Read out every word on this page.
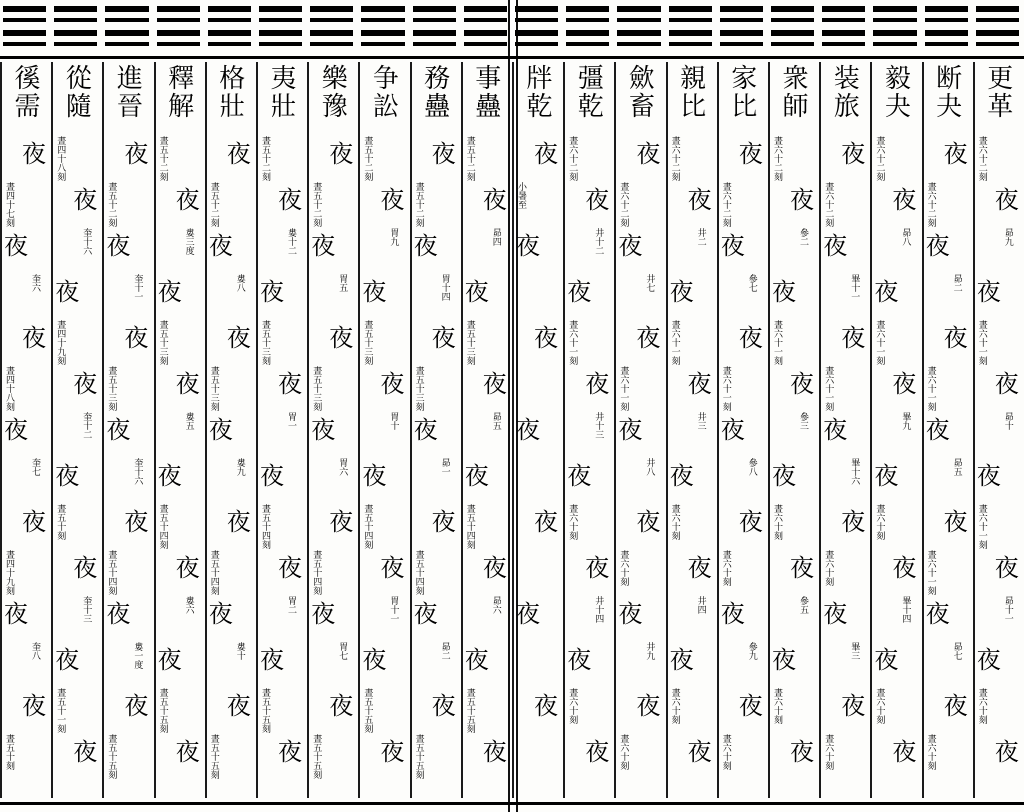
更革
夜
夜
夜
夜
夜
夜
夜
晝六十二刻
昴九
晝六十一刻
昴十
晝六十一刻
昴十一
晝六十刻
断夬
夜
夜
夜
夜
夜
夜
夜
晝六十二刻
昴二
晝六十一刻
昴五
晝六十一刻
昴七
晝六十刻
毅夬
夜
夜
夜
夜
夜
夜
夜
晝六十二刻
昴八
晝六十一刻
畢九
晝六十刻
畢十四
晝六十刻
装旅
夜
夜
夜
夜
夜
夜
夜
晝六十二刻
畢十一
晝六十一刻
畢十六
晝六十刻
畢三
晝六十刻
衆師
夜
夜
夜
夜
夜
夜
夜
晝六十二刻
參二
晝六十一刻
參三
晝六十刻
參五
晝六十刻
家比
夜
夜
夜
夜
夜
夜
夜
晝六十二刻
參七
晝六十一刻
參八
晝六十刻
參九
晝六十刻
親比
夜
夜
夜
夜
夜
夜
夜
晝六十二刻
井二
晝六十一刻
井三
晝六十刻
井四
晝六十刻
歛畜
夜
夜
夜
夜
夜
夜
夜
晝六十二刻
井七
晝六十一刻
井八
晝六十刻
井九
晝六十刻
彊乾
夜
夜
夜
夜
夜
夜
夜
晝六十二刻
井十二
晝六十一刻
井十三
晝六十刻
井十四
晝六十刻
牉乾
夜
夜
夜
夜
夜
夜
夜
小暑至
事蠱
夜
夜
夜
夜
夜
夜
夜
晝五十二刻
昴四
晝五十三刻
昴五
晝五十四刻
昴六
晝五十五刻
務蠱
夜
夜
夜
夜
夜
夜
夜
晝五十二刻
胃十四
晝五十三刻
昴一
晝五十四刻
昴二
晝五十五刻
争訟
夜
夜
夜
夜
夜
夜
夜
晝五十二刻
胃九
晝五十三刻
胃十
晝五十四刻
胃十一
晝五十五刻
樂豫
夜
夜
夜
夜
夜
夜
夜
晝五十二刻
胃五
晝五十三刻
胃六
晝五十四刻
胃七
晝五十五刻
夷壯
夜
夜
夜
夜
夜
夜
夜
晝五十二刻
婁十二
晝五十三刻
胃一
晝五十四刻
胃二
晝五十五刻
格壯
夜
夜
夜
夜
夜
夜
夜
晝五十二刻
婁八
晝五十三刻
婁九
晝五十四刻
婁十
晝五十五刻
釋解
夜
夜
夜
夜
夜
夜
夜
晝五十二刻
婁三度
晝五十三刻
婁五
晝五十四刻
婁六
晝五十五刻
進晉
夜
夜
夜
夜
夜
夜
夜
晝五十二刻
奎十一
晝五十三刻
奎十六
晝五十四刻
婁一度
晝五十五刻
從隨
夜
夜
夜
夜
夜
夜
夜
晝四十八刻
奎十六
晝四十九刻
奎十二
晝五十刻
奎十三
晝五十一刻
徯需
夜
夜
夜
夜
夜
夜
夜
晝四十七刻
奎六
晝四十八刻
奎七
晝四十九刻
奎八
晝五十刻
